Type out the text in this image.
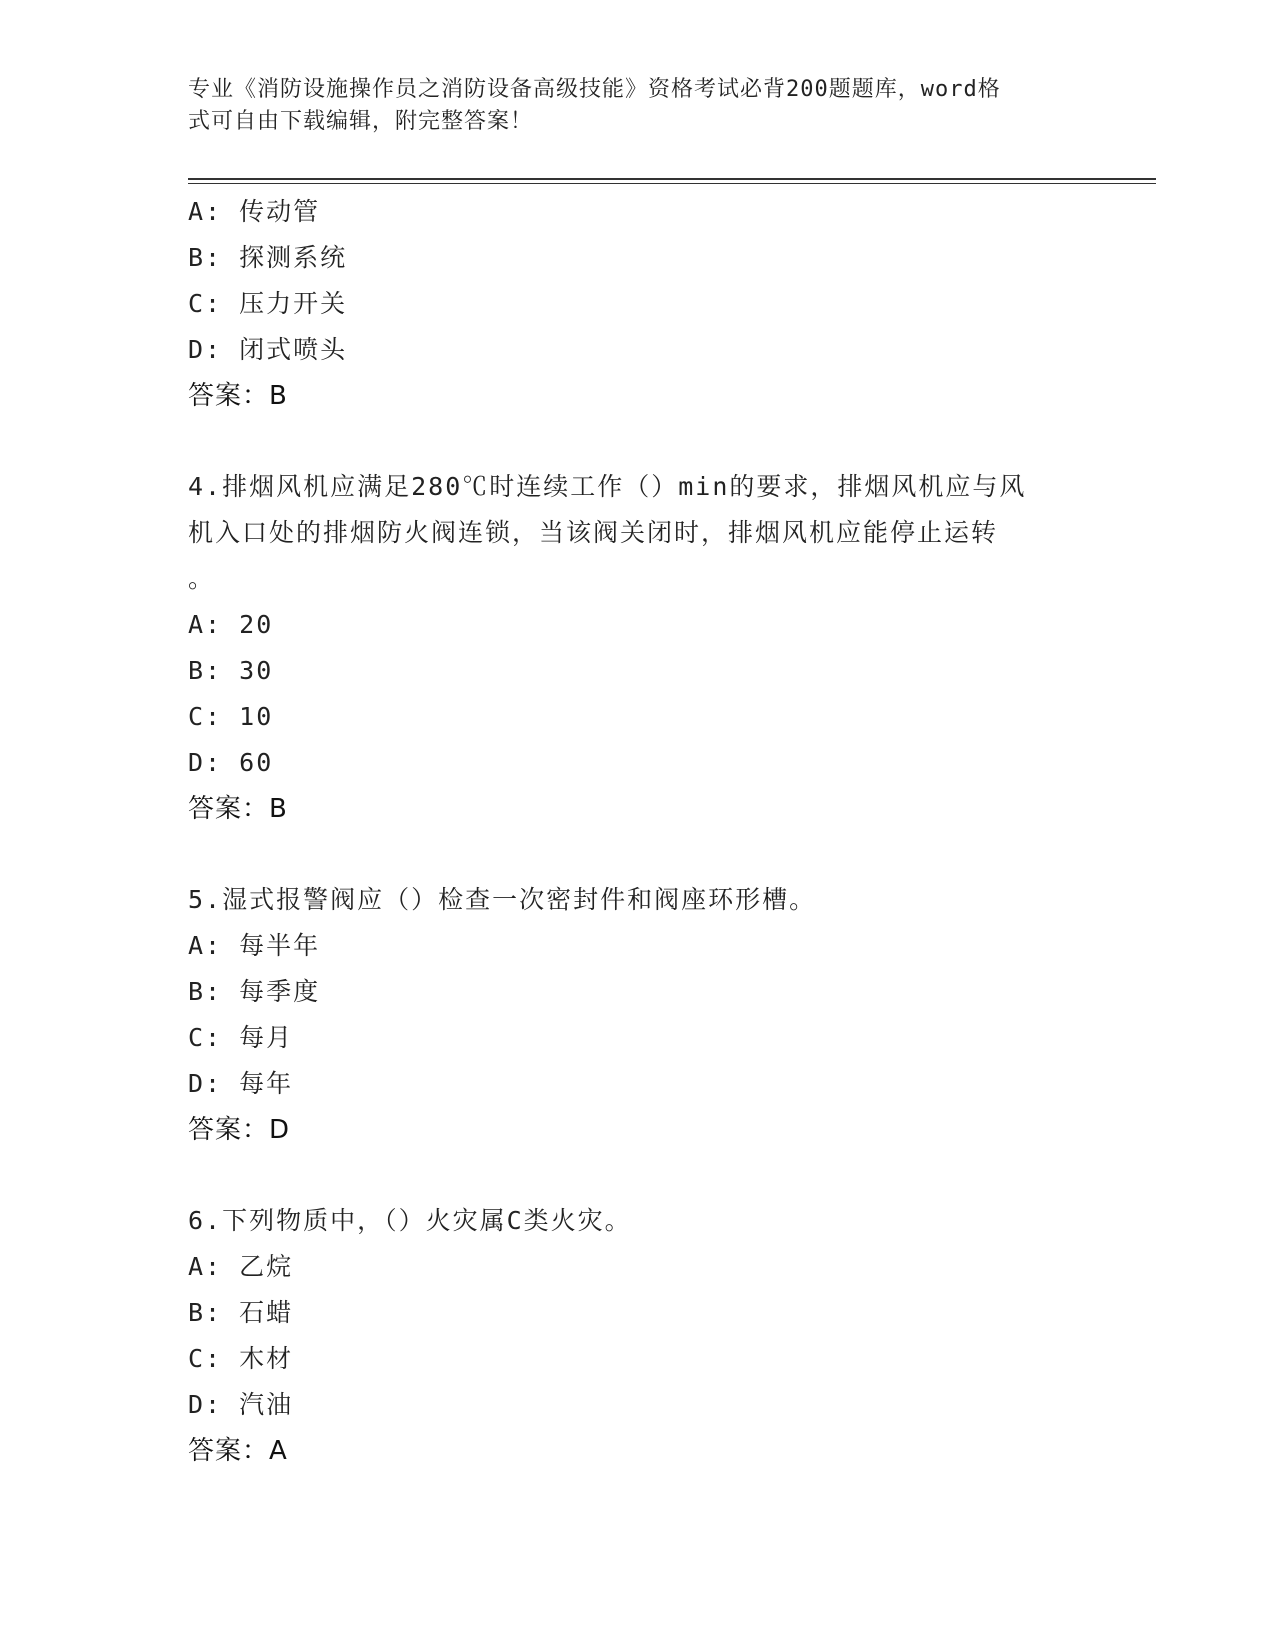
专业《消防设施操作员之消防设备高级技能》资格考试必背200题题库，word格
式可自由下载编辑，附完整答案！
A: 传动管
B: 探测系统
C: 压力开关
D: 闭式喷头
答案：B
4.排烟风机应满足280℃时连续工作（）min的要求，排烟风机应与风
机入口处的排烟防火阀连锁，当该阀关闭时，排烟风机应能停止运转
。
A: 20
B: 30
C: 10
D: 60
答案：B
5.湿式报警阀应（）检查一次密封件和阀座环形槽。
A: 每半年
B: 每季度
C: 每月
D: 每年
答案：D
6.下列物质中，（）火灾属C类火灾。
A: 乙烷
B: 石蜡
C: 木材
D: 汽油
答案：A
